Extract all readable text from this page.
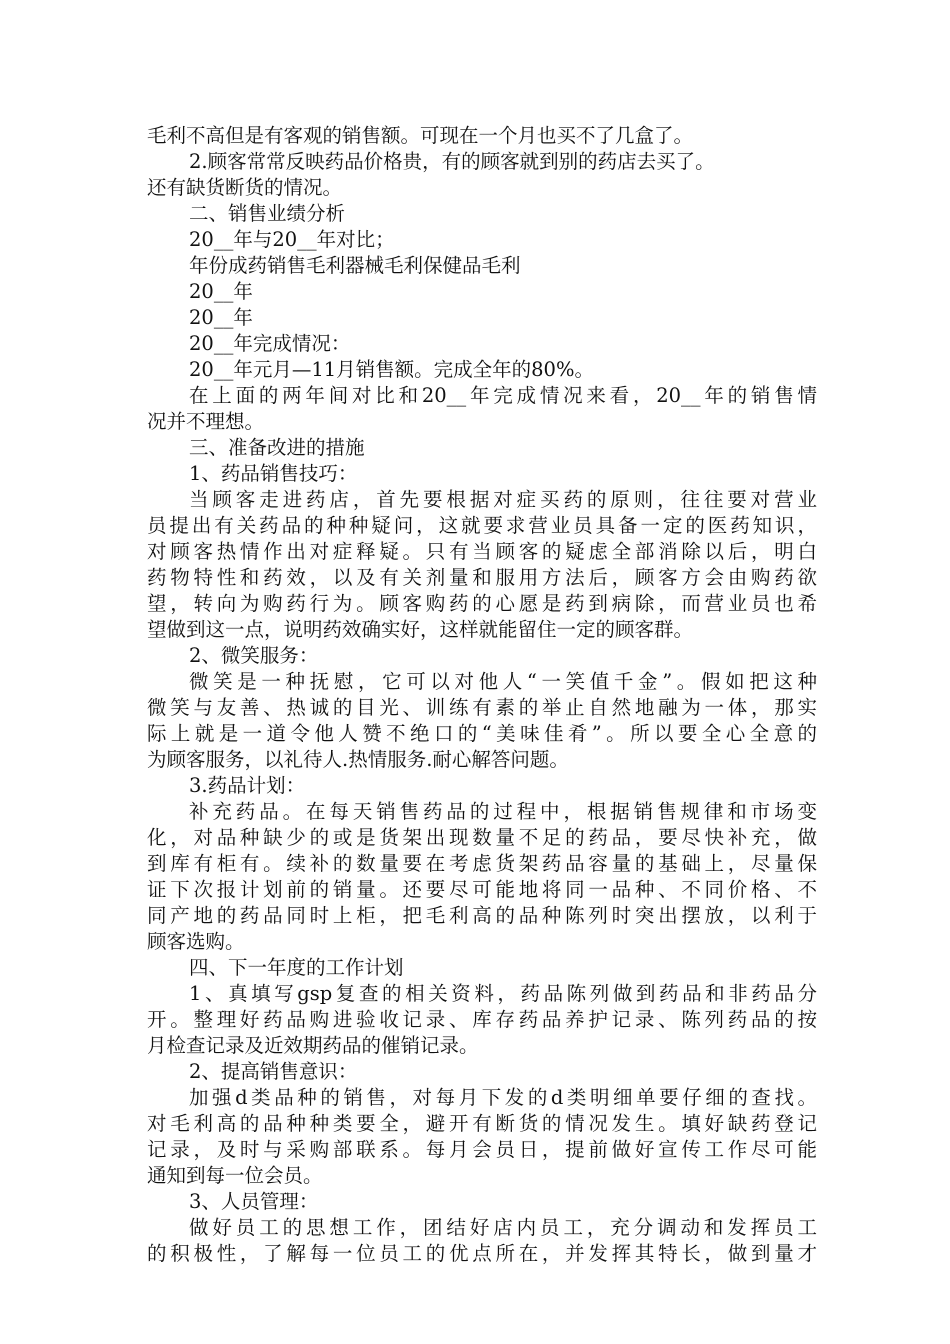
毛利不高但是有客观的销售额。可现在一个月也买不了几盒了。
2.顾客常常反映药品价格贵，有的顾客就到别的药店去买了。
还有缺货断货的情况。
二、销售业绩分析
20__年与20__年对比；
年份成药销售毛利器械毛利保健品毛利
20__年
20__年
20__年完成情况：
20__年元月—11月销售额。完成全年的80%。
在上面的两年间对比和20__年完成情况来看，20__年的销售情
况并不理想。
三、准备改进的措施
1、药品销售技巧：
当顾客走进药店，首先要根据对症买药的原则，往往要对营业
员提出有关药品的种种疑问，这就要求营业员具备一定的医药知识，
对顾客热情作出对症释疑。只有当顾客的疑虑全部消除以后，明白
药物特性和药效，以及有关剂量和服用方法后，顾客方会由购药欲
望，转向为购药行为。顾客购药的心愿是药到病除，而营业员也希
望做到这一点，说明药效确实好，这样就能留住一定的顾客群。
2、微笑服务：
微笑是一种抚慰，它可以对他人“一笑值千金”。假如把这种
微笑与友善、热诚的目光、训练有素的举止自然地融为一体，那实
际上就是一道令他人赞不绝口的“美味佳肴”。所以要全心全意的
为顾客服务，以礼待人.热情服务.耐心解答问题。
3.药品计划：
补充药品。在每天销售药品的过程中，根据销售规律和市场变
化，对品种缺少的或是货架出现数量不足的药品，要尽快补充，做
到库有柜有。续补的数量要在考虑货架药品容量的基础上，尽量保
证下次报计划前的销量。还要尽可能地将同一品种、不同价格、不
同产地的药品同时上柜，把毛利高的品种陈列时突出摆放，以利于
顾客选购。
四、下一年度的工作计划
1、真填写gsp复查的相关资料，药品陈列做到药品和非药品分
开。整理好药品购进验收记录、库存药品养护记录、陈列药品的按
月检查记录及近效期药品的催销记录。
2、提高销售意识：
加强d类品种的销售，对每月下发的d类明细单要仔细的查找。
对毛利高的品种种类要全，避开有断货的情况发生。填好缺药登记
记录，及时与采购部联系。每月会员日，提前做好宣传工作尽可能
通知到每一位会员。
3、人员管理：
做好员工的思想工作，团结好店内员工，充分调动和发挥员工
的积极性，了解每一位员工的优点所在，并发挥其特长，做到量才
